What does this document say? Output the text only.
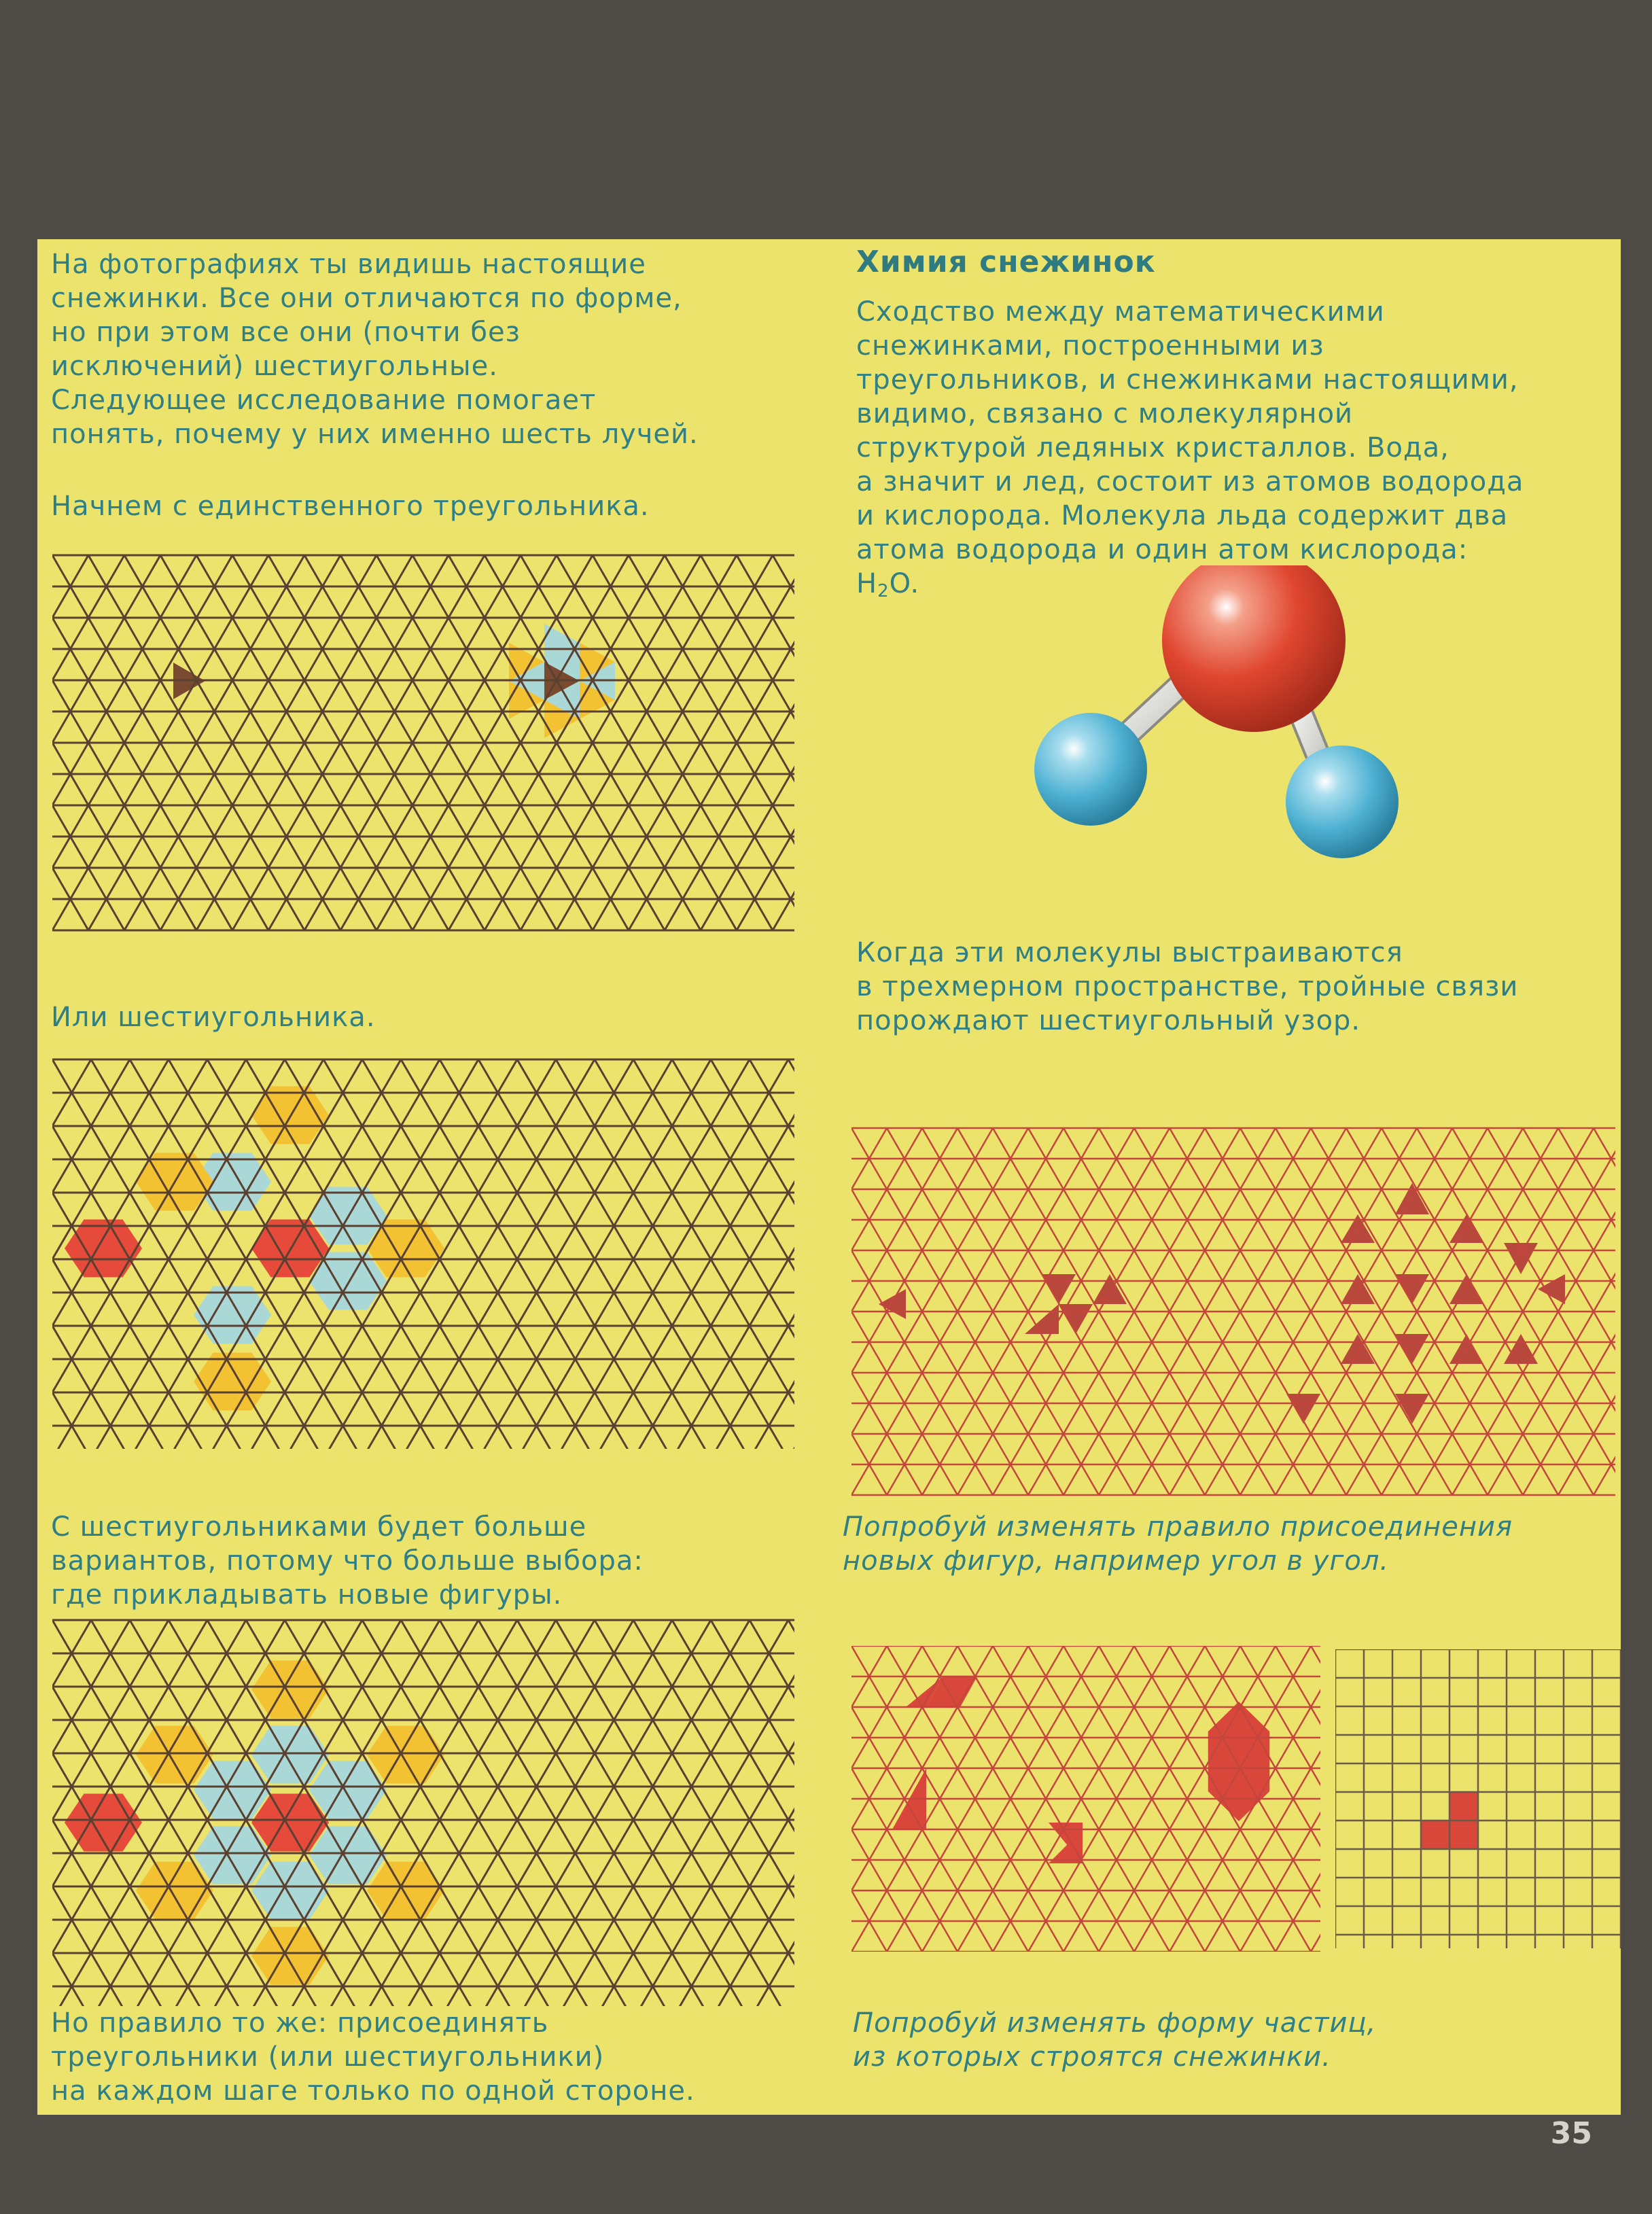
На фотографиях ты видишь настоящие
снежинки. Все они отличаются по форме,
но при этом все они (почти без
исключений) шестиугольные.
Следующее исследование помогает
понять, почему у них именно шесть лучей.

Начнем с единственного треугольника.

Или шестиугольника.

С шестиугольниками будет больше
вариантов, потому что больше выбора:
где прикладывать новые фигуры.

Но правило то же: присоединять
треугольники (или шестиугольники)
на каждом шаге только по одной стороне.

Химия снежинок

Сходство между математическими
снежинками, построенными из
треугольников, и снежинками настоящими,
видимо, связано с молекулярной
структурой ледяных кристаллов. Вода,
а значит и лед, состоит из атомов водорода
и кислорода. Молекула льда содержит два
атома водорода и один атом кислорода:

$H_2O$.

Когда эти молекулы выстраиваются
в трехмерном пространстве, тройные связи
порождают шестиугольный узор.

Попробуй изменять правило присоединения
новых фигур, например угол в угол.

Попробуй изменять форму частиц,
из которых строятся снежинки.

35
